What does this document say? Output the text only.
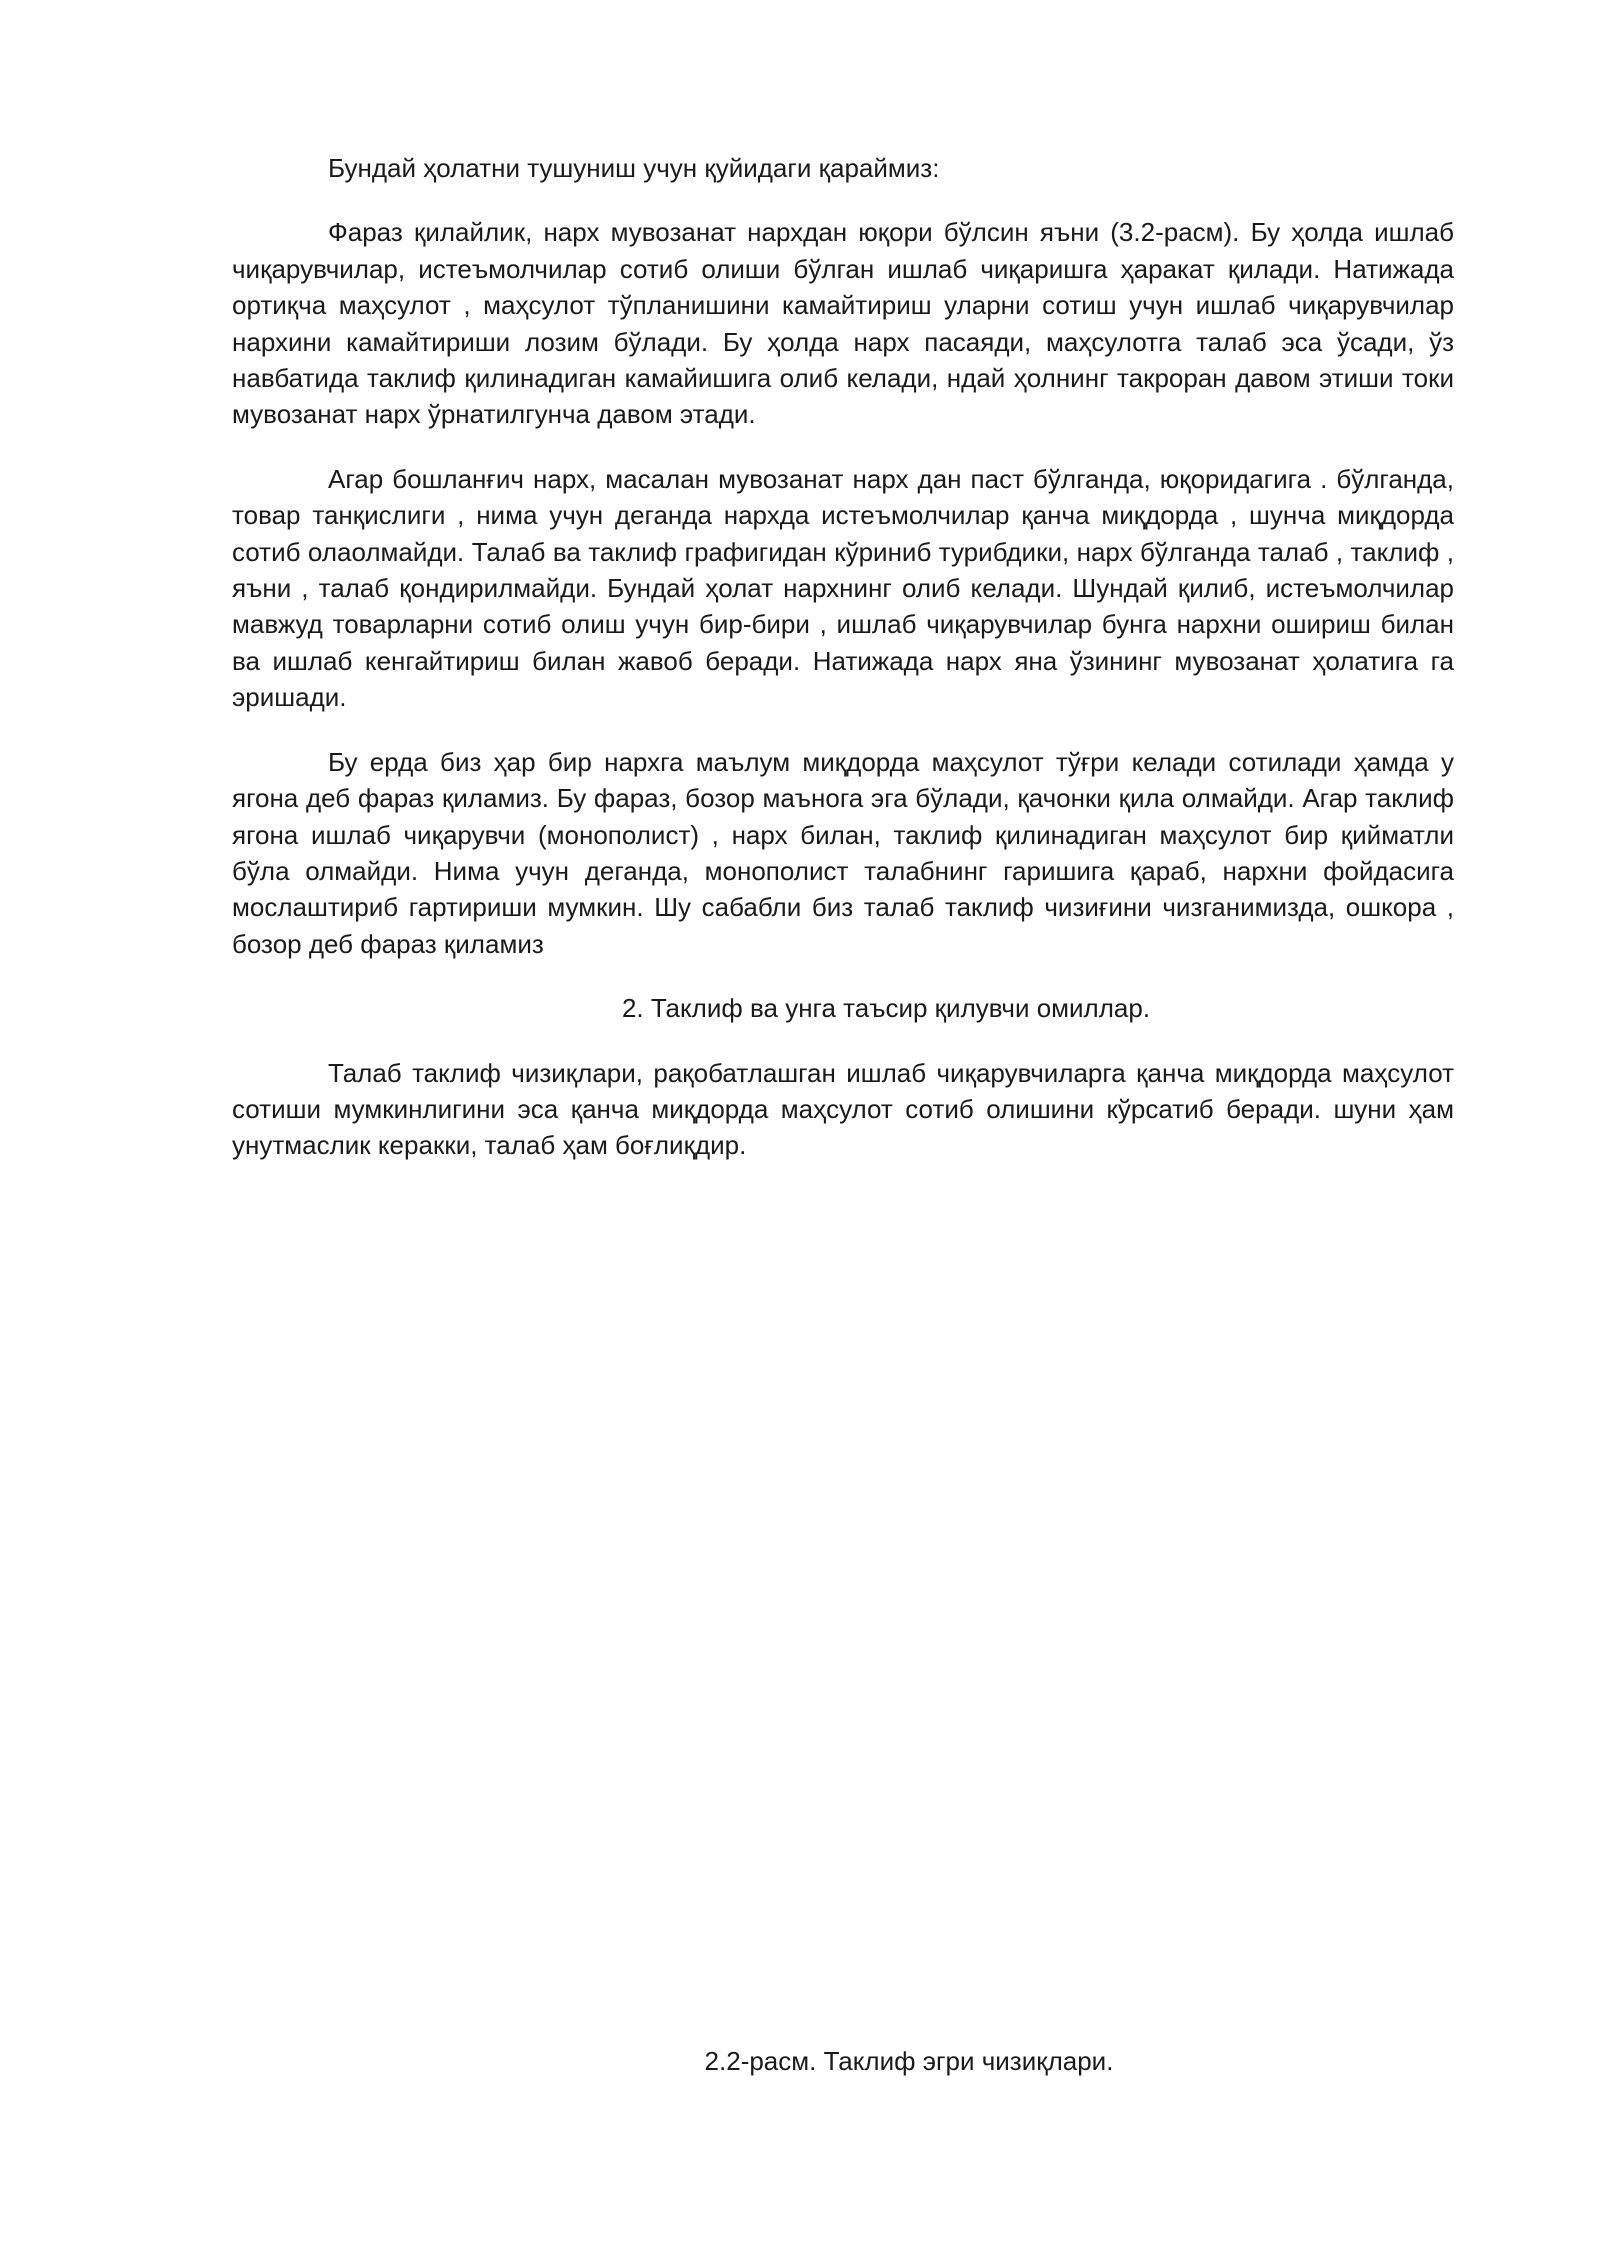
Бундай ҳолатни тушуниш учун қуйидаги қараймиз:

Фараз қилайлик, нарх мувозанат нархдан юқори бўлсин яъни (3.2-расм). Бу ҳолда ишлаб чиқарувчилар, истеъмолчилар сотиб олиши бўлган ишлаб чиқаришга ҳаракат қилади. Натижада ортиқча маҳсулот , маҳсулот тўпланишини камайтириш уларни сотиш учун ишлаб чиқарувчилар нархини камайтириши лозим бўлади. Бу ҳолда нарх пасаяди, маҳсулотга талаб эса ўсади, ўз навбатида таклиф қилинадиган камайишига олиб келади, ндай ҳолнинг такроран давом этиши токи мувозанат нарх ўрнатилгунча давом этади.

Агар бошланғич нарх, масалан мувозанат нарх дан паст бўлганда, юқоридагига . бўлганда, товар танқислиги , нима учун деганда нархда истеъмолчилар қанча миқдорда , шунча миқдорда сотиб олаолмайди. Талаб ва таклиф графигидан кўриниб турибдики, нарх бўлганда талаб , таклиф , яъни , талаб қондирилмайди. Бундай ҳолат нархнинг олиб келади. Шундай қилиб, истеъмолчилар мавжуд товарларни сотиб олиш учун бир-бири , ишлаб чиқарувчилар бунга нархни ошириш билан ва ишлаб кенгайтириш билан жавоб беради. Натижада нарх яна ўзининг мувозанат ҳолатига га эришади.

Бу ерда биз ҳар бир нархга маълум миқдорда маҳсулот тўғри келади сотилади ҳамда у ягона деб фараз қиламиз. Бу фараз, бозор маънога эга бўлади, қачонки қила олмайди. Агар таклиф ягона ишлаб чиқарувчи (монополист) , нарх билан, таклиф қилинадиган маҳсулот бир қийматли бўла олмайди. Нима учун деганда, монополист талабнинг гаришига қараб, нархни фойдасига мослаштириб гартириши мумкин. Шу сабабли биз талаб таклиф чизиғини чизганимизда, ошкора , бозор деб фараз қиламиз

2. Таклиф ва унга таъсир қилувчи омиллар.

Талаб таклиф чизиқлари, рақобатлашган ишлаб чиқарувчиларга қанча миқдорда маҳсулот сотиши мумкинлигини эса қанча миқдорда маҳсулот сотиб олишини кўрсатиб беради. шуни ҳам унутмаслик керакки, талаб ҳам боғлиқдир.

2.2-расм. Таклиф эгри чизиқлари.
